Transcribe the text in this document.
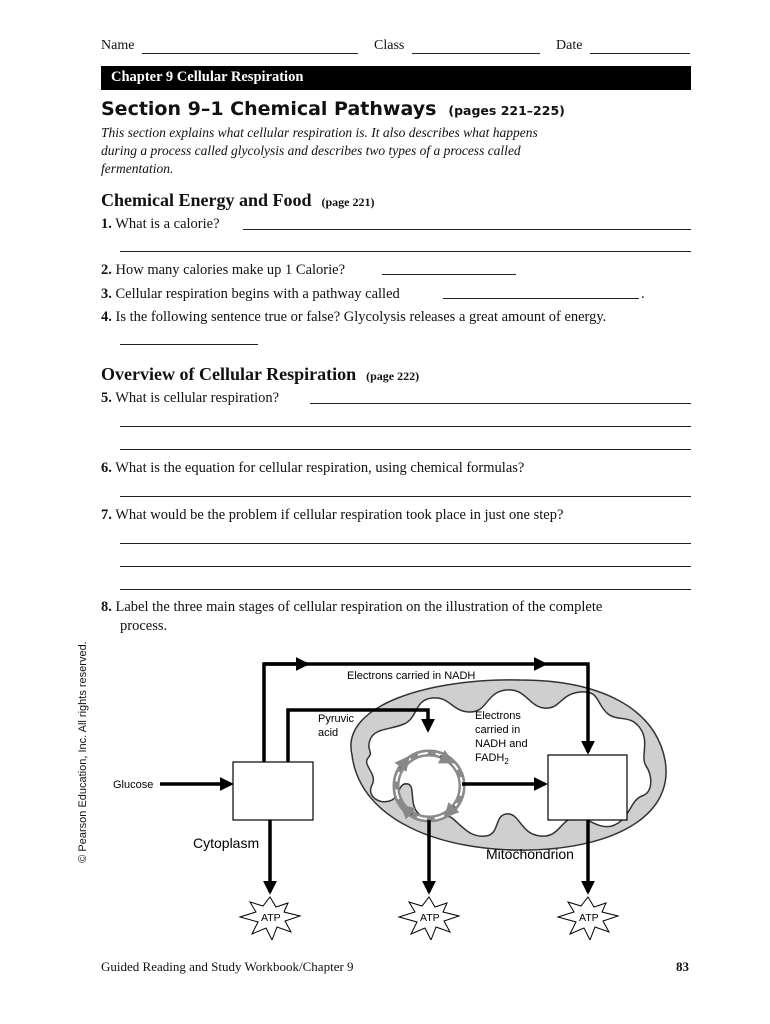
Name	Class	Date
Chapter 9 Cellular Respiration
Section 9–1 Chemical Pathways (pages 221–225)
This section explains what cellular respiration is. It also describes what happens during a process called glycolysis and describes two types of a process called fermentation.
Chemical Energy and Food (page 221)
1. What is a calorie?
2. How many calories make up 1 Calorie?
3. Cellular respiration begins with a pathway called	.
4. Is the following sentence true or false? Glycolysis releases a great amount of energy.
Overview of Cellular Respiration (page 222)
5. What is cellular respiration?
6. What is the equation for cellular respiration, using chemical formulas?
7. What would be the problem if cellular respiration took place in just one step?
8. Label the three main stages of cellular respiration on the illustration of the complete
process.
© Pearson Education, Inc. All rights reserved.	Electrons carried in NADH
Pyruvic
acid
Electrons
carried in
NADH and
$FADH_2$
Glucose
Cytoplasm
Mitochondrion
ATP	ATP	ATP
Guided Reading and Study Workbook/Chapter 9	83
